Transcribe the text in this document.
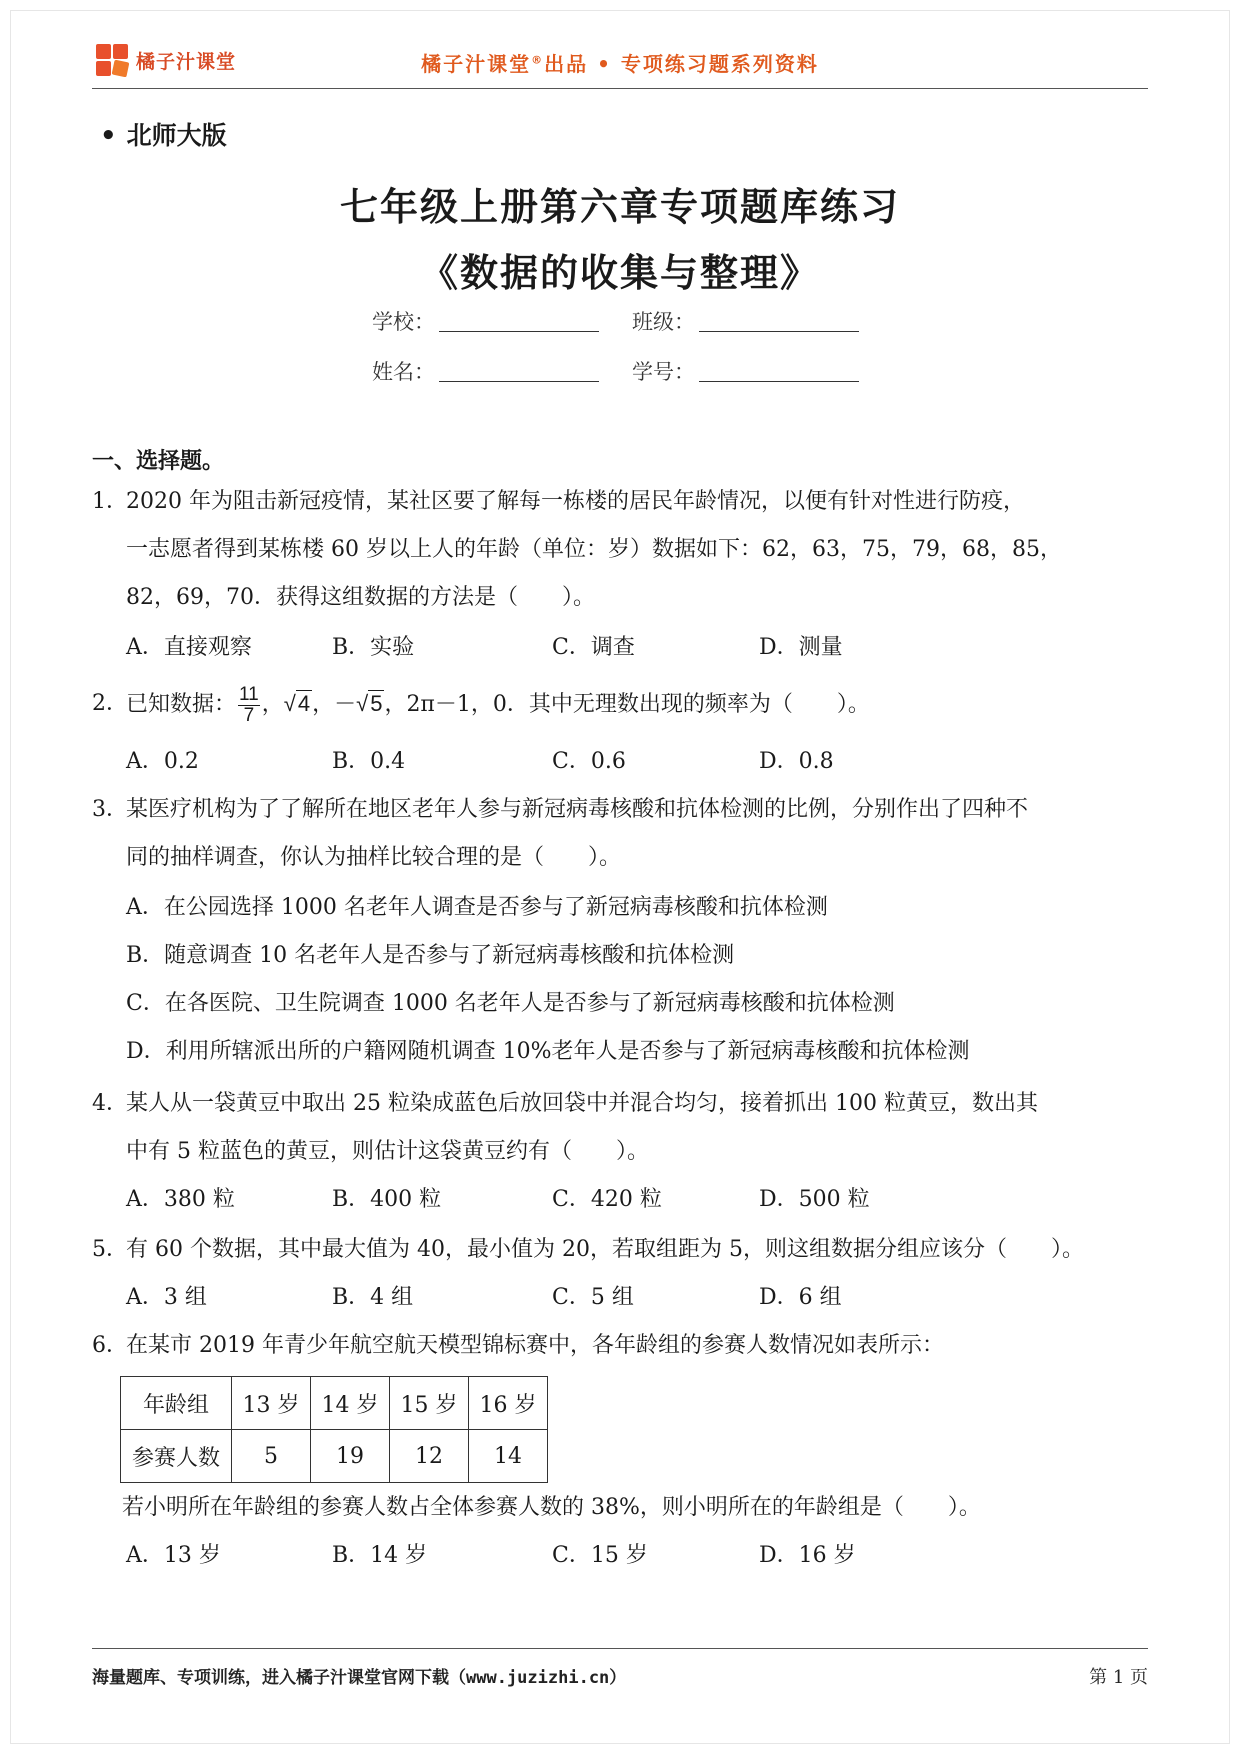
橘子汁课堂	橘子汁课堂®出品 • 专项练习题系列资料
• 北师大版
七年级上册第六章专项题库练习
《数据的收集与整理》
学校：	班级：
姓名：	学号：
一、选择题。
1．
2020 年为阻击新冠疫情，某社区要了解每一栋楼的居民年龄情况，以便有针对性进行防疫，
一志愿者得到某栋楼 60 岁以上人的年龄（单位：岁）数据如下：62，63，75，79，68，85，
82，69，70．获得这组数据的方法是（　　）。
A．直接观察	B．实验	C．调查	D．测量
2．
已知数据： $\frac{11}{7}$ ，√4，－√5，2π－1，0．其中无理数出现的频率为（　　）。
A．0.2	B．0.4	C．0.6	D．0.8
3．
某医疗机构为了了解所在地区老年人参与新冠病毒核酸和抗体检测的比例，分别作出了四种不
同的抽样调查，你认为抽样比较合理的是（　　）。
A．在公园选择 1000 名老年人调查是否参与了新冠病毒核酸和抗体检测
B．随意调查 10 名老年人是否参与了新冠病毒核酸和抗体检测
C．在各医院、卫生院调查 1000 名老年人是否参与了新冠病毒核酸和抗体检测
D．利用所辖派出所的户籍网随机调查 10%老年人是否参与了新冠病毒核酸和抗体检测
4．
某人从一袋黄豆中取出 25 粒染成蓝色后放回袋中并混合均匀，接着抓出 100 粒黄豆，数出其
中有 5 粒蓝色的黄豆，则估计这袋黄豆约有（　　）。
A．380 粒	B．400 粒	C．420 粒	D．500 粒
5．
有 60 个数据，其中最大值为 40，最小值为 20，若取组距为 5，则这组数据分组应该分（　　）。
A．3 组	B．4 组	C．5 组	D．6 组
6．
在某市 2019 年青少年航空航天模型锦标赛中，各年龄组的参赛人数情况如表所示：
年龄组	13 岁	14 岁	15 岁	16 岁
参赛人数	5	19	12	14
若小明所在年龄组的参赛人数占全体参赛人数的 38%，则小明所在的年龄组是（　　）。
A．13 岁	B．14 岁	C．15 岁	D．16 岁
海量题库、专项训练，进入橘子汁课堂官网下载（www.juzizhi.cn）	第 1 页
